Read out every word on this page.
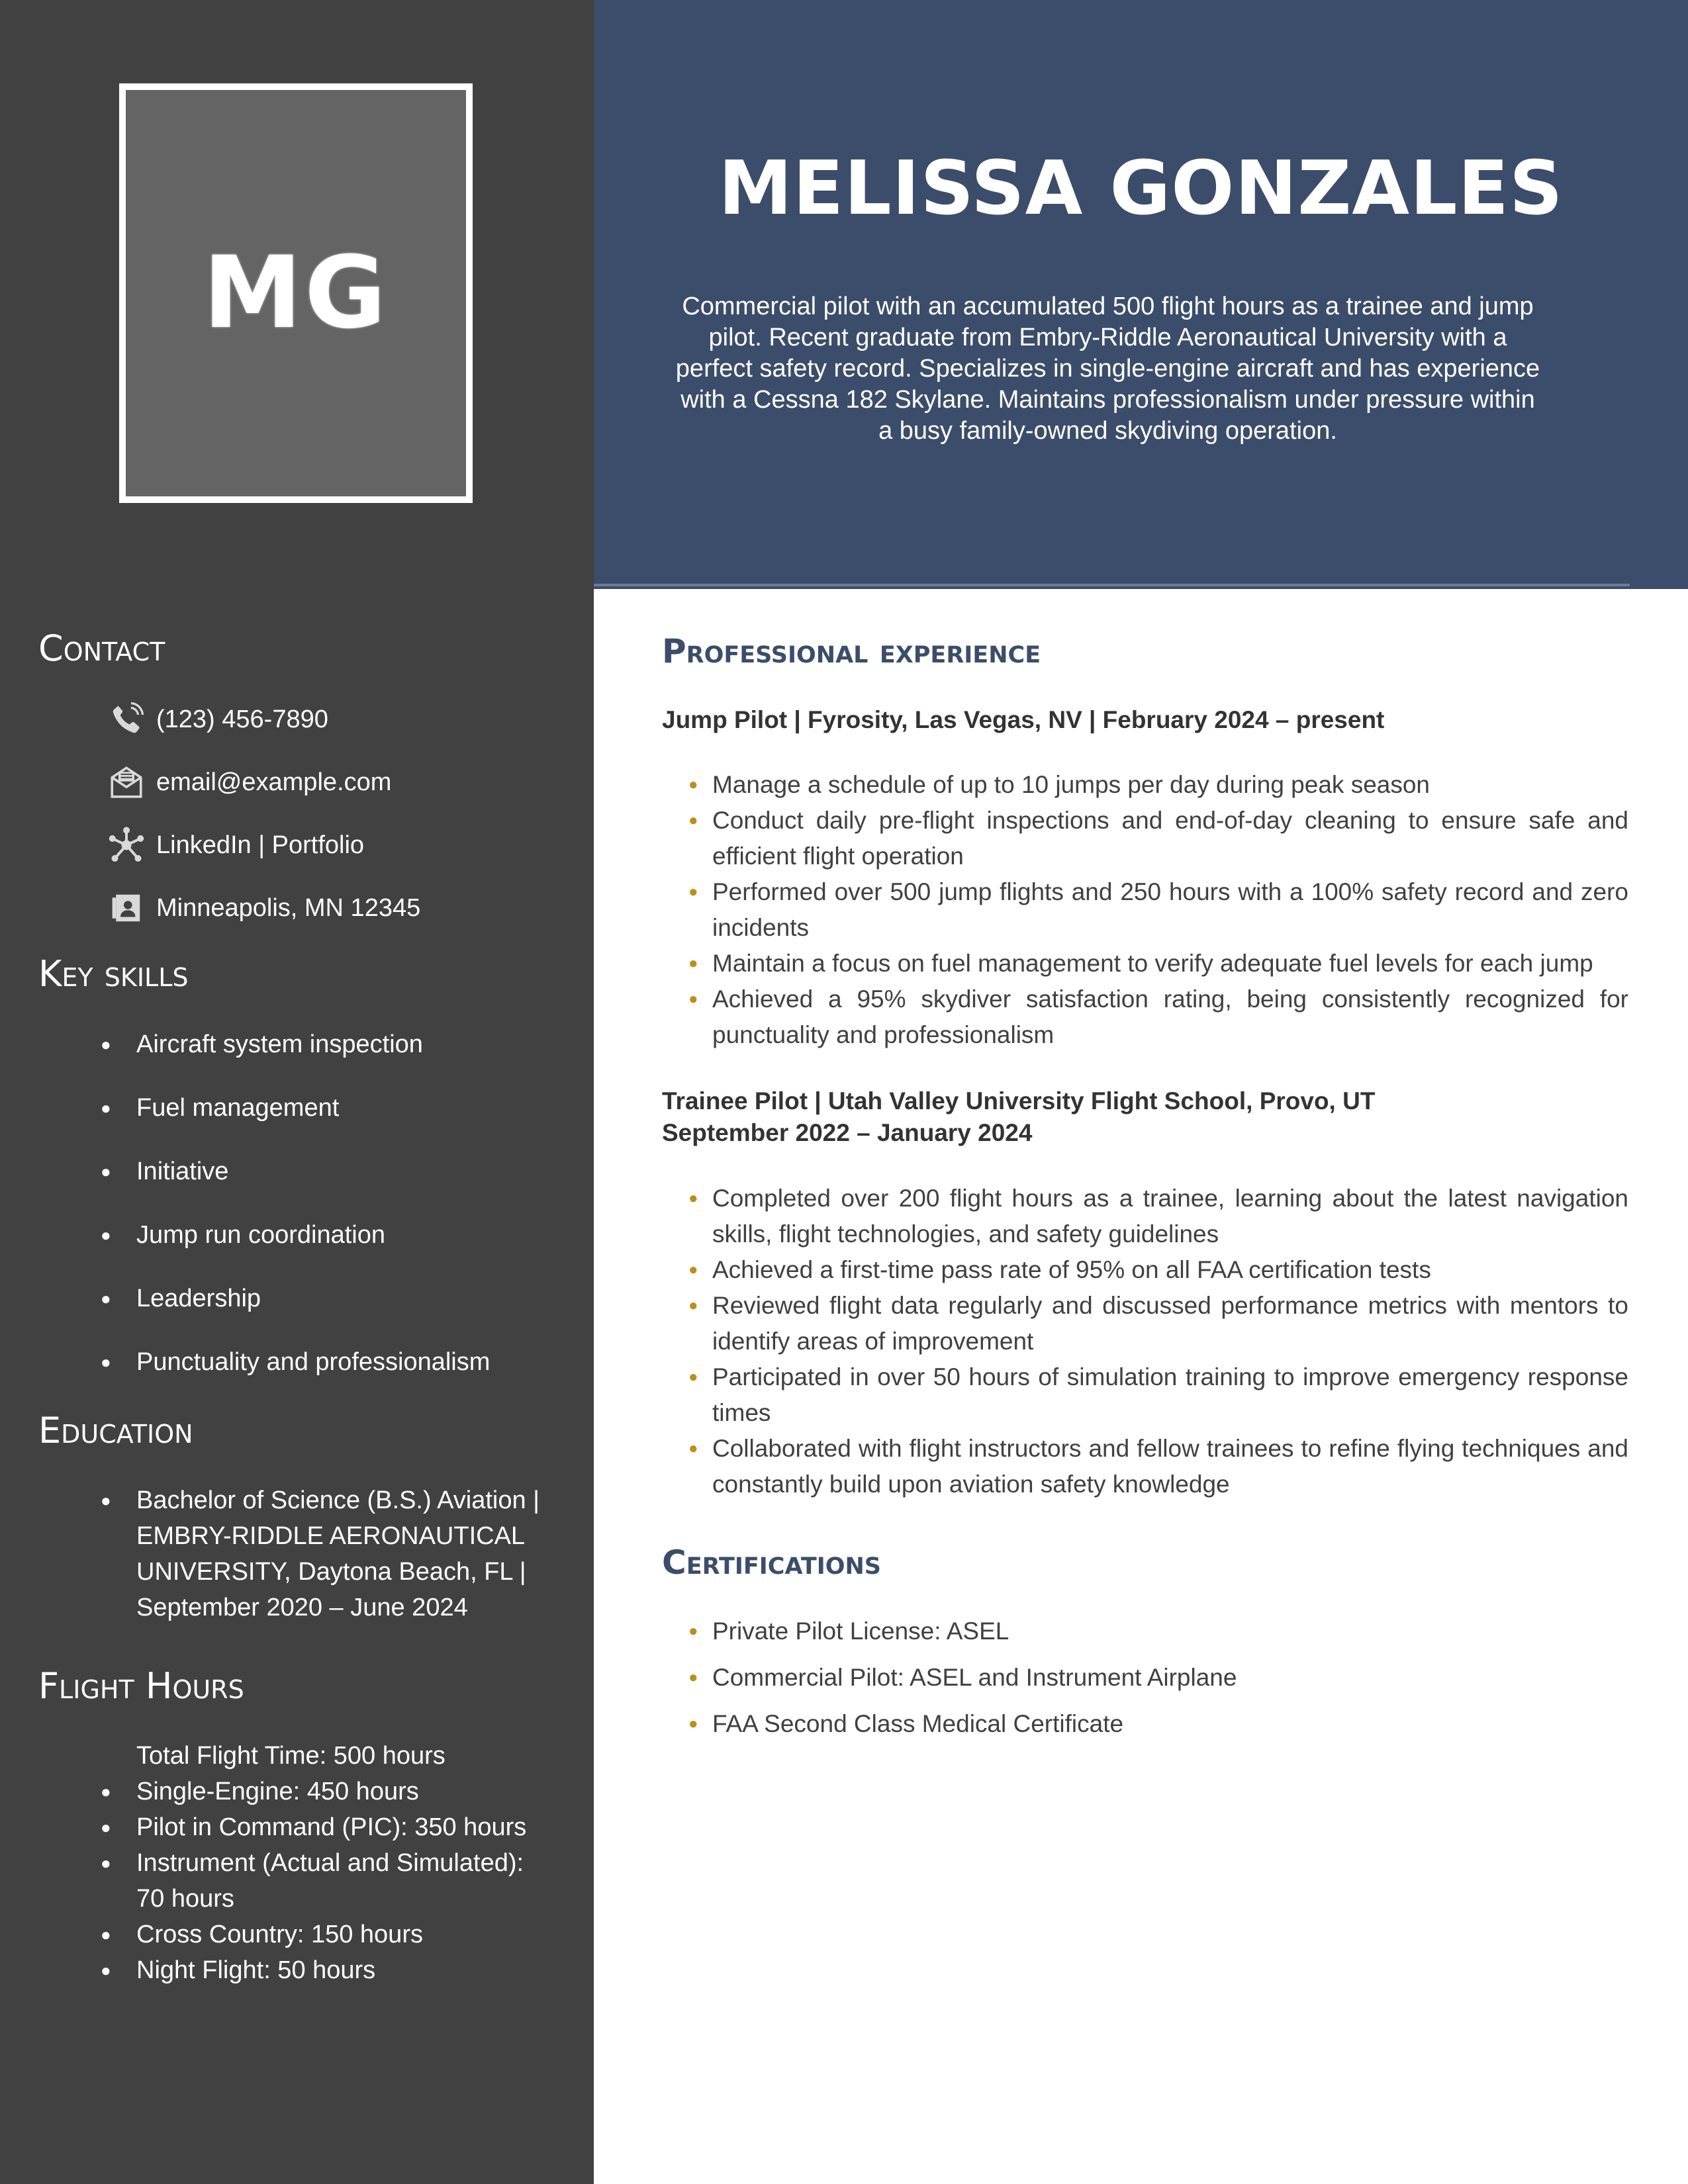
MG
Contact
(123) 456-7890
email@example.com
LinkedIn | Portfolio
Minneapolis, MN 12345
Key skills
● Aircraft system inspection
● Fuel management
● Initiative
● Jump run coordination
● Leadership
● Punctuality and professionalism
Education
● Bachelor of Science (B.S.) Aviation | EMBRY-RIDDLE AERONAUTICAL UNIVERSITY, Daytona Beach, FL | September 2020 – June 2024
Flight Hours
Total Flight Time: 500 hours
● Single-Engine: 450 hours
● Pilot in Command (PIC): 350 hours
● Instrument (Actual and Simulated): 70 hours
● Cross Country: 150 hours
● Night Flight: 50 hours
MELISSA GONZALES

Commercial pilot with an accumulated 500 flight hours as a trainee and jump pilot. Recent graduate from Embry-Riddle Aeronautical University with a perfect safety record. Specializes in single-engine aircraft and has experience with a Cessna 182 Skylane. Maintains professionalism under pressure within a busy family-owned skydiving operation.

Professional experience
Jump Pilot | Fyrosity, Las Vegas, NV | February 2024 – present
● Manage a schedule of up to 10 jumps per day during peak season
● Conduct daily pre-flight inspections and end-of-day cleaning to ensure safe and efficient flight operation
● Performed over 500 jump flights and 250 hours with a 100% safety record and zero incidents
● Maintain a focus on fuel management to verify adequate fuel levels for each jump
● Achieved a 95% skydiver satisfaction rating, being consistently recognized for punctuality and professionalism
Trainee Pilot | Utah Valley University Flight School, Provo, UT
September 2022 – January 2024
● Completed over 200 flight hours as a trainee, learning about the latest navigation skills, flight technologies, and safety guidelines
● Achieved a first-time pass rate of 95% on all FAA certification tests
● Reviewed flight data regularly and discussed performance metrics with mentors to identify areas of improvement
● Participated in over 50 hours of simulation training to improve emergency response times
● Collaborated with flight instructors and fellow trainees to refine flying techniques and constantly build upon aviation safety knowledge
Certifications
● Private Pilot License: ASEL
● Commercial Pilot: ASEL and Instrument Airplane
● FAA Second Class Medical Certificate
